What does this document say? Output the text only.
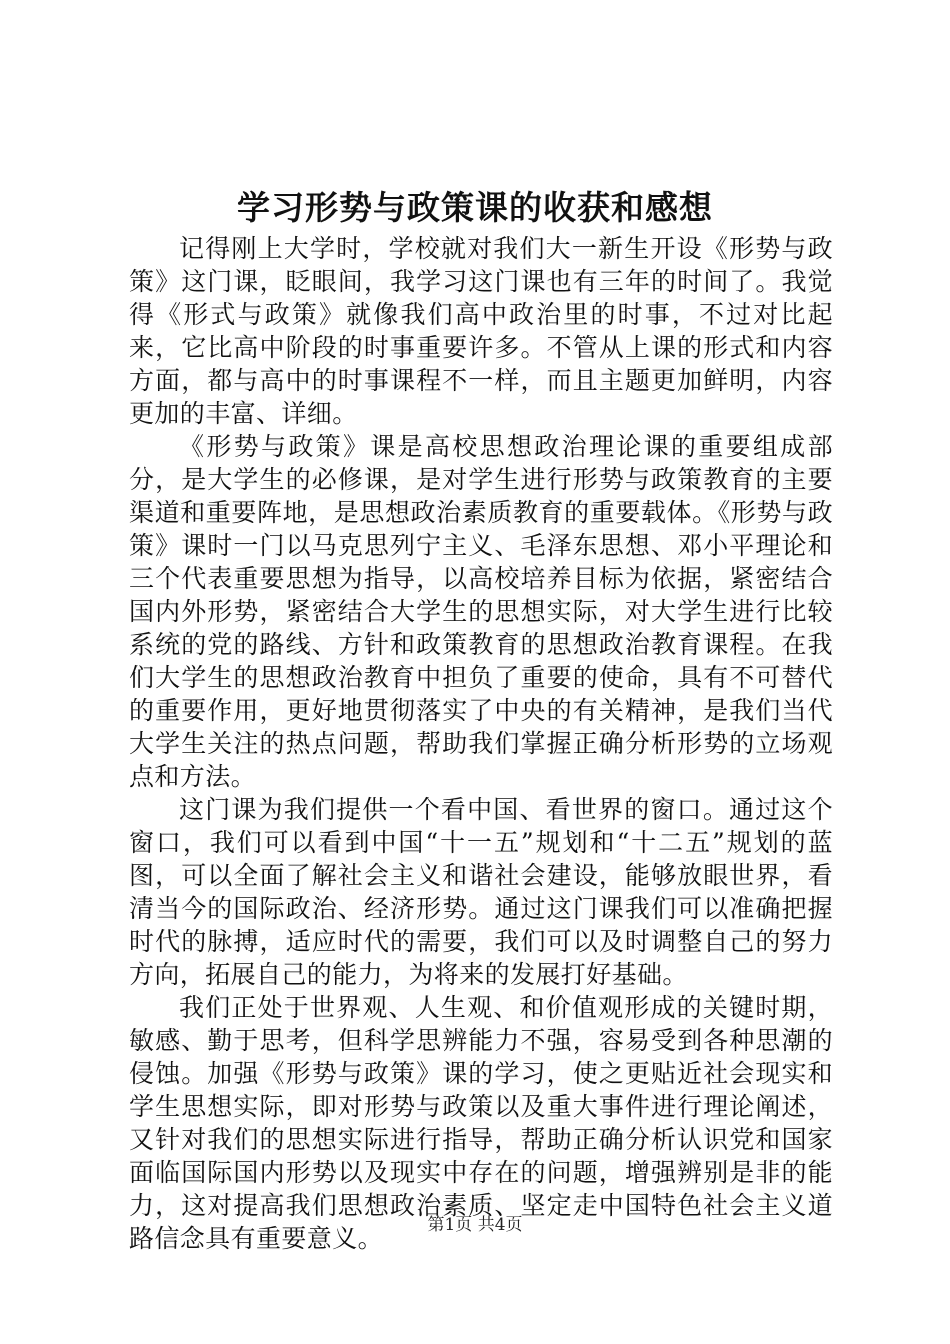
学习形势与政策课的收获和感想

记得刚上大学时，学校就对我们大一新生开设《形势与政策》这门课，眨眼间，我学习这门课也有三年的时间了。我觉得《形式与政策》就像我们高中政治里的时事，不过对比起来，它比高中阶段的时事重要许多。不管从上课的形式和内容方面，都与高中的时事课程不一样，而且主题更加鲜明，内容更加的丰富、详细。

《形势与政策》课是高校思想政治理论课的重要组成部分，是大学生的必修课，是对学生进行形势与政策教育的主要渠道和重要阵地，是思想政治素质教育的重要载体。《形势与政策》课时一门以马克思列宁主义、毛泽东思想、邓小平理论和三个代表重要思想为指导，以高校培养目标为依据，紧密结合国内外形势，紧密结合大学生的思想实际，对大学生进行比较系统的党的路线、方针和政策教育的思想政治教育课程。在我们大学生的思想政治教育中担负了重要的使命，具有不可替代的重要作用，更好地贯彻落实了中央的有关精神，是我们当代大学生关注的热点问题，帮助我们掌握正确分析形势的立场观点和方法。

这门课为我们提供一个看中国、看世界的窗口。通过这个窗口，我们可以看到中国“十一五”规划和“十二五”规划的蓝图，可以全面了解社会主义和谐社会建设，能够放眼世界，看清当今的国际政治、经济形势。通过这门课我们可以准确把握时代的脉搏，适应时代的需要，我们可以及时调整自己的努力方向，拓展自己的能力，为将来的发展打好基础。

我们正处于世界观、人生观、和价值观形成的关键时期，敏感、勤于思考，但科学思辨能力不强，容易受到各种思潮的侵蚀。加强《形势与政策》课的学习，使之更贴近社会现实和学生思想实际，即对形势与政策以及重大事件进行理论阐述，又针对我们的思想实际进行指导，帮助正确分析认识党和国家面临国际国内形势以及现实中存在的问题，增强辨别是非的能力，这对提高我们思想政治素质、坚定走中国特色社会主义道路信念具有重要意义。	第1页 共4页
